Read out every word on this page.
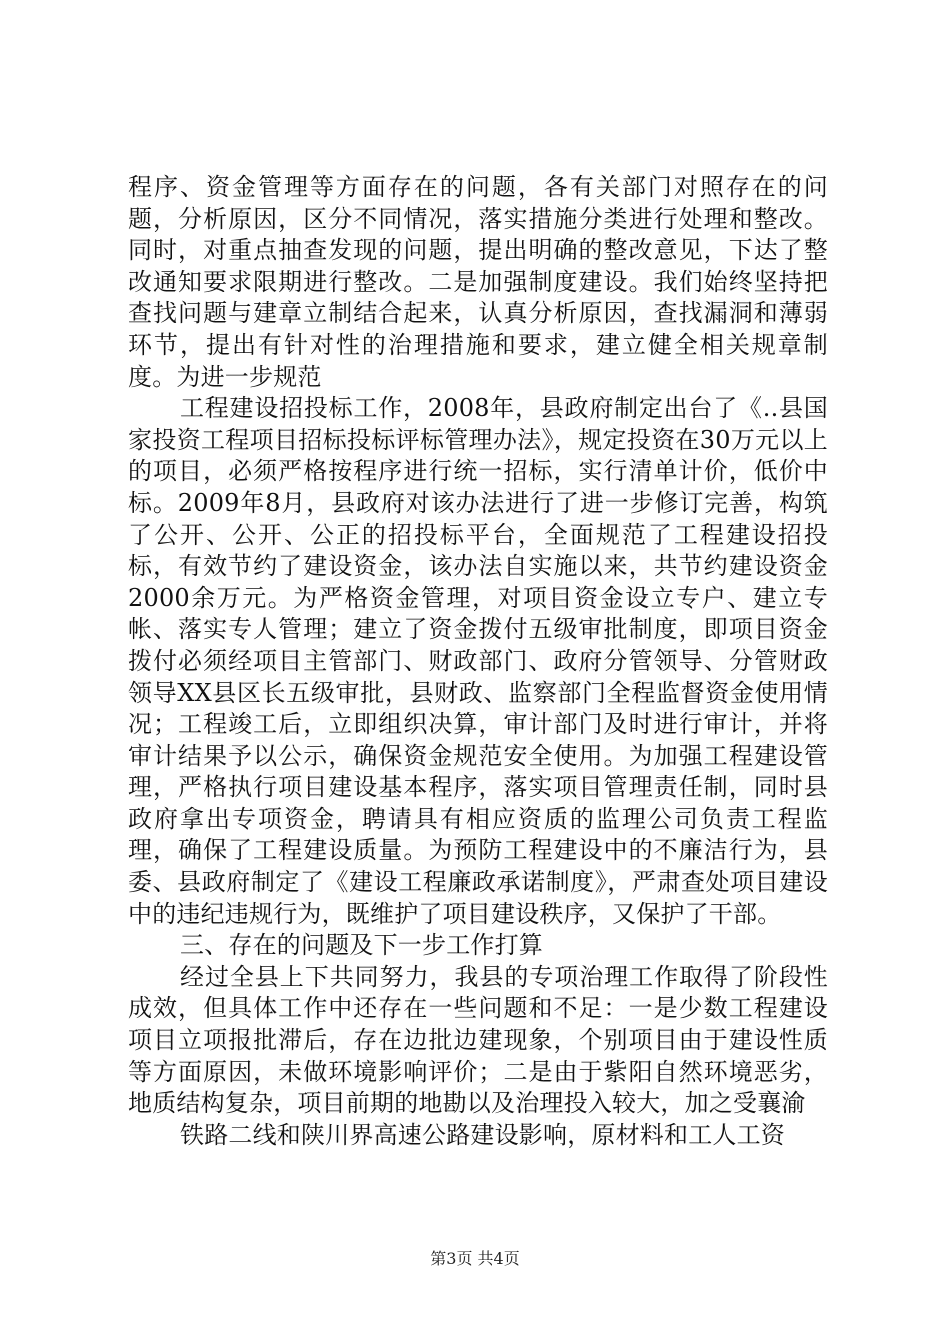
程序、资金管理等方面存在的问题，各有关部门对照存在的问题，分析原因，区分不同情况，落实措施分类进行处理和整改。同时，对重点抽查发现的问题，提出明确的整改意见，下达了整改通知要求限期进行整改。二是加强制度建设。我们始终坚持把查找问题与建章立制结合起来，认真分析原因，查找漏洞和薄弱环节，提出有针对性的治理措施和要求，建立健全相关规章制度。为进一步规范

工程建设招投标工作，2008年，县政府制定出台了《..县国家投资工程项目招标投标评标管理办法》，规定投资在30万元以上的项目，必须严格按程序进行统一招标，实行清单计价，低价中标。2009年8月，县政府对该办法进行了进一步修订完善，构筑了公开、公开、公正的招投标平台，全面规范了工程建设招投标，有效节约了建设资金，该办法自实施以来，共节约建设资金2000余万元。为严格资金管理，对项目资金设立专户、建立专帐、落实专人管理；建立了资金拨付五级审批制度，即项目资金拨付必须经项目主管部门、财政部门、政府分管领导、分管财政领导XX县区长五级审批，县财政、监察部门全程监督资金使用情况；工程竣工后，立即组织决算，审计部门及时进行审计，并将审计结果予以公示，确保资金规范安全使用。为加强工程建设管理，严格执行项目建设基本程序，落实项目管理责任制，同时县政府拿出专项资金，聘请具有相应资质的监理公司负责工程监理，确保了工程建设质量。为预防工程建设中的不廉洁行为，县委、县政府制定了《建设工程廉政承诺制度》，严肃查处项目建设中的违纪违规行为，既维护了项目建设秩序，又保护了干部。

三、存在的问题及下一步工作打算

经过全县上下共同努力，我县的专项治理工作取得了阶段性成效，但具体工作中还存在一些问题和不足：一是少数工程建设项目立项报批滞后，存在边批边建现象，个别项目由于建设性质等方面原因，未做环境影响评价；二是由于紫阳自然环境恶劣，地质结构复杂，项目前期的地勘以及治理投入较大，加之受襄渝

铁路二线和陕川界高速公路建设影响，原材料和工人工资

第3页 共4页
